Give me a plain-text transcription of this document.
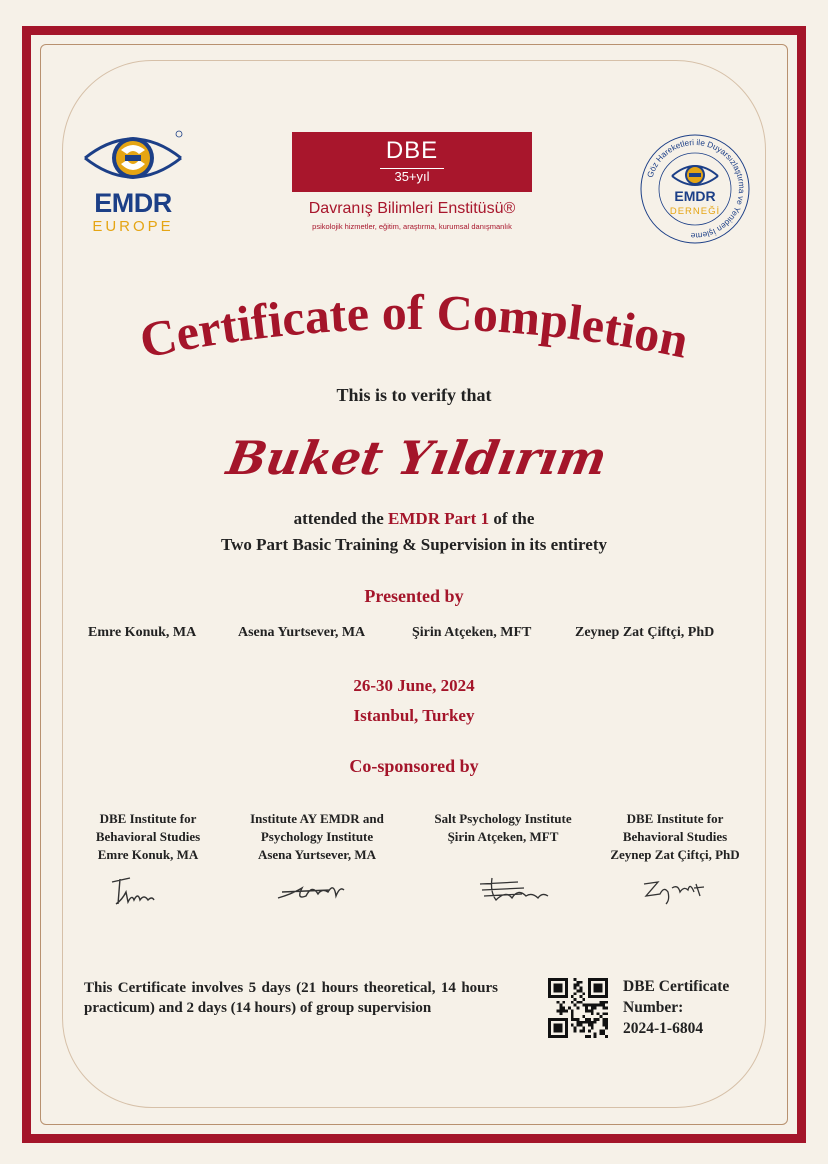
EMDR
EUROPE
DBE
35+yıl
Davranış Bilimleri Enstitüsü®
psikolojik hizmetler, eğitim, araştırma, kurumsal danışmanlık
Göz Hareketleri ile Duyarsızlaştırma ve Yeniden İşleme
EMDR
DERNEĞİ
Certificate of Completion
This is to verify that
Buket Yıldırım
attended the EMDR Part 1 of the
Two Part Basic Training & Supervision in its entirety
Presented by
Emre Konuk, MA	Asena Yurtsever, MA	Şirin Atçeken, MFT	Zeynep Zat Çiftçi, PhD
26-30 June, 2024
Istanbul, Turkey
Co-sponsored by
DBE Institute for
Behavioral Studies
Emre Konuk, MA
Institute AY EMDR and
Psychology Institute
Asena Yurtsever, MA
Salt Psychology Institute
Şirin Atçeken, MFT
DBE Institute for
Behavioral Studies
Zeynep Zat Çiftçi, PhD
This Certificate involves 5 days (21 hours theoretical, 14 hours practicum) and 2 days (14 hours) of group supervision
DBE Certificate
Number:
2024-1-6804
